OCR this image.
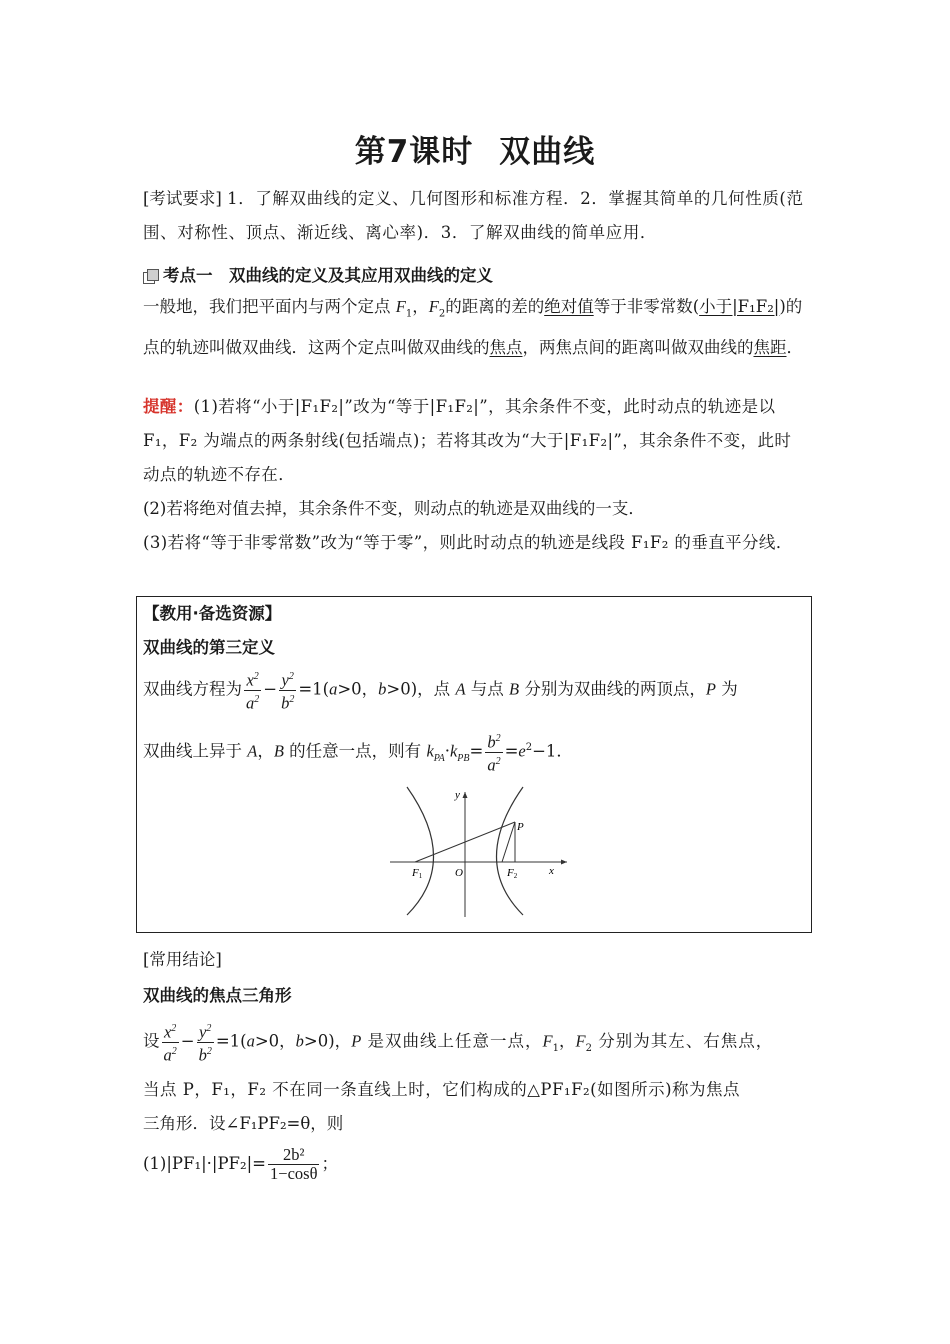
第7课时 双曲线
[考试要求] 1．了解双曲线的定义、几何图形和标准方程．2．掌握其简单的几何性质(范围、对称性、顶点、渐近线、离心率)．3．了解双曲线的简单应用．
考点一　双曲线的定义及其应用双曲线的定义
一般地，我们把平面内与两个定点 $F_1$，$F_2$的距离的差的绝对值等于非零常数(小于|F₁F₂|)的点的轨迹叫做双曲线．这两个定点叫做双曲线的焦点，两焦点间的距离叫做双曲线的焦距．
提醒：(1)若将“小于|F₁F₂|”改为“等于|F₁F₂|”，其余条件不变，此时动点的轨迹是以 F₁，F₂ 为端点的两条射线(包括端点)；若将其改为“大于|F₁F₂|”，其余条件不变，此时动点的轨迹不存在．
(2)若将绝对值去掉，其余条件不变，则动点的轨迹是双曲线的一支．
(3)若将“等于非零常数”改为“等于零”，则此时动点的轨迹是线段 F₁F₂ 的垂直平分线．
【教用·备选资源】
双曲线的第三定义
双曲线方程为 $\frac{x^2}{a^2} - \frac{y^2}{b^2} =1(a>0$，b>0)，点 A 与点 B 分别为双曲线的两顶点，P 为
双曲线上异于 A，B 的任意一点，则有 $k_{PA}\cdot k_{PB}= \frac{b^2}{a^2} =e^2-1$．
y
x
P
F1	O	F2
[常用结论]
双曲线的焦点三角形
设 $\frac{x^2}{a^2} - \frac{y^2}{b^2} =1(a>0$，b>0)，P 是双曲线上任意一点，$F_1$，$F_2$ 分别为其左、右焦点，
当点 P，F₁，F₂ 不在同一条直线上时，它们构成的△PF₁F₂(如图所示)称为焦点
三角形．设∠F₁PF₂=θ，则
$(1)|PF_1|\cdot|PF_2|= \frac{\text{2b²}}{1-\cos\theta}$ ；
